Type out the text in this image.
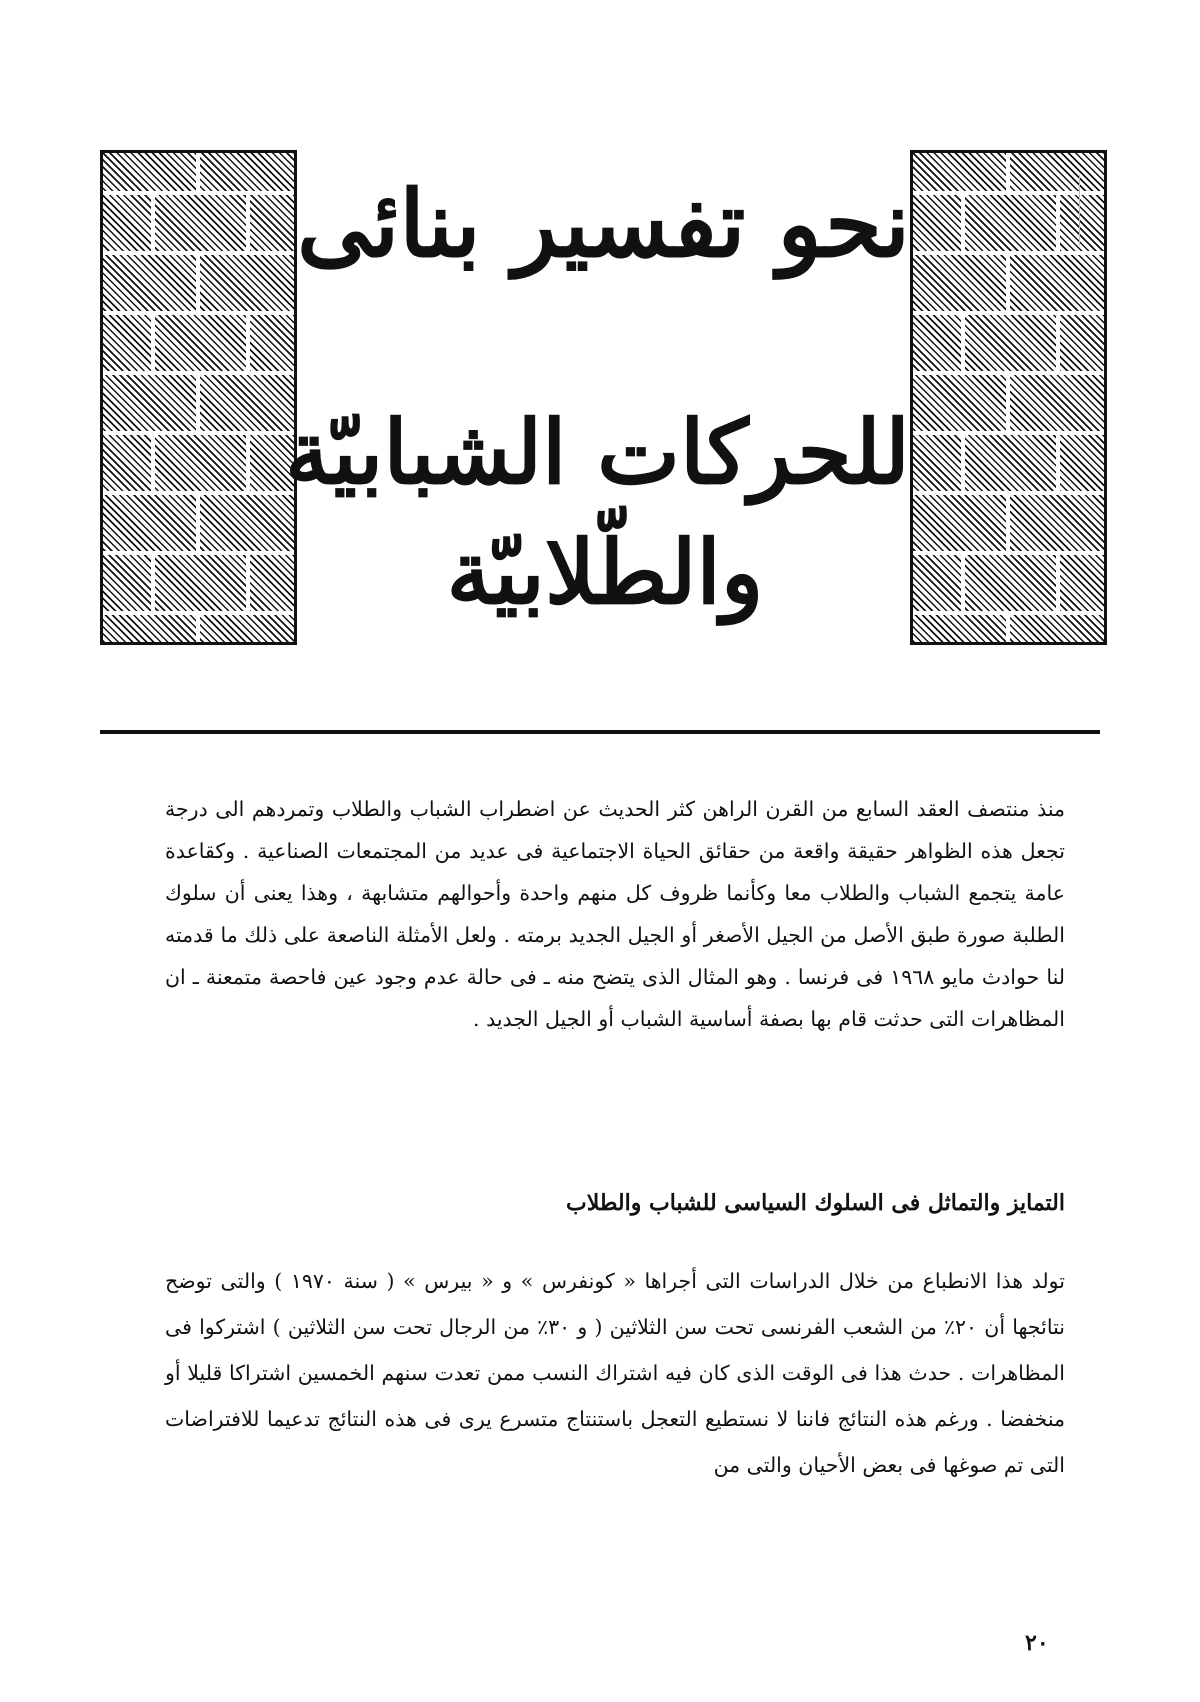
نحو تفسير بنائى
للحركات الشبابيّة
والطّلابيّة

منذ منتصف العقد السابع من القرن الراهن كثر الحديث عن اضطراب الشباب والطلاب وتمردهم الى درجة تجعل هذه الظواهر حقيقة واقعة من حقائق الحياة الاجتماعية فى عديد من المجتمعات الصناعية . وكقاعدة عامة يتجمع الشباب والطلاب معا وكأنما ظروف كل منهم واحدة وأحوالهم متشابهة ، وهذا يعنى أن سلوك الطلبة صورة طبق الأصل من الجيل الأصغر أو الجيل الجديد برمته . ولعل الأمثلة الناصعة على ذلك ما قدمته لنا حوادث مايو ١٩٦٨ فى فرنسا . وهو المثال الذى يتضح منه ـ فى حالة عدم وجود عين فاحصة متمعنة ـ ان المظاهرات التى حدثت قام بها بصفة أساسية الشباب أو الجيل الجديد .

التمايز والتماثل فى السلوك السياسى للشباب والطلاب

تولد هذا الانطباع من خلال الدراسات التى أجراها « كونفرس » و « بيرس » ( سنة ١٩٧٠ ) والتى توضح نتائجها أن ٢٠٪ من الشعب الفرنسى تحت سن الثلاثين ( و ٣٠٪ من الرجال تحت سن الثلاثين ) اشتركوا فى المظاهرات . حدث هذا فى الوقت الذى كان فيه اشتراك النسب ممن تعدت سنهم الخمسين اشتراكا قليلا أو منخفضا . ورغم هذه النتائج فاننا لا نستطيع التعجل باستنتاج متسرع يرى فى هذه النتائج تدعيما للافتراضات التى تم صوغها فى بعض الأحيان والتى من

٢٠
